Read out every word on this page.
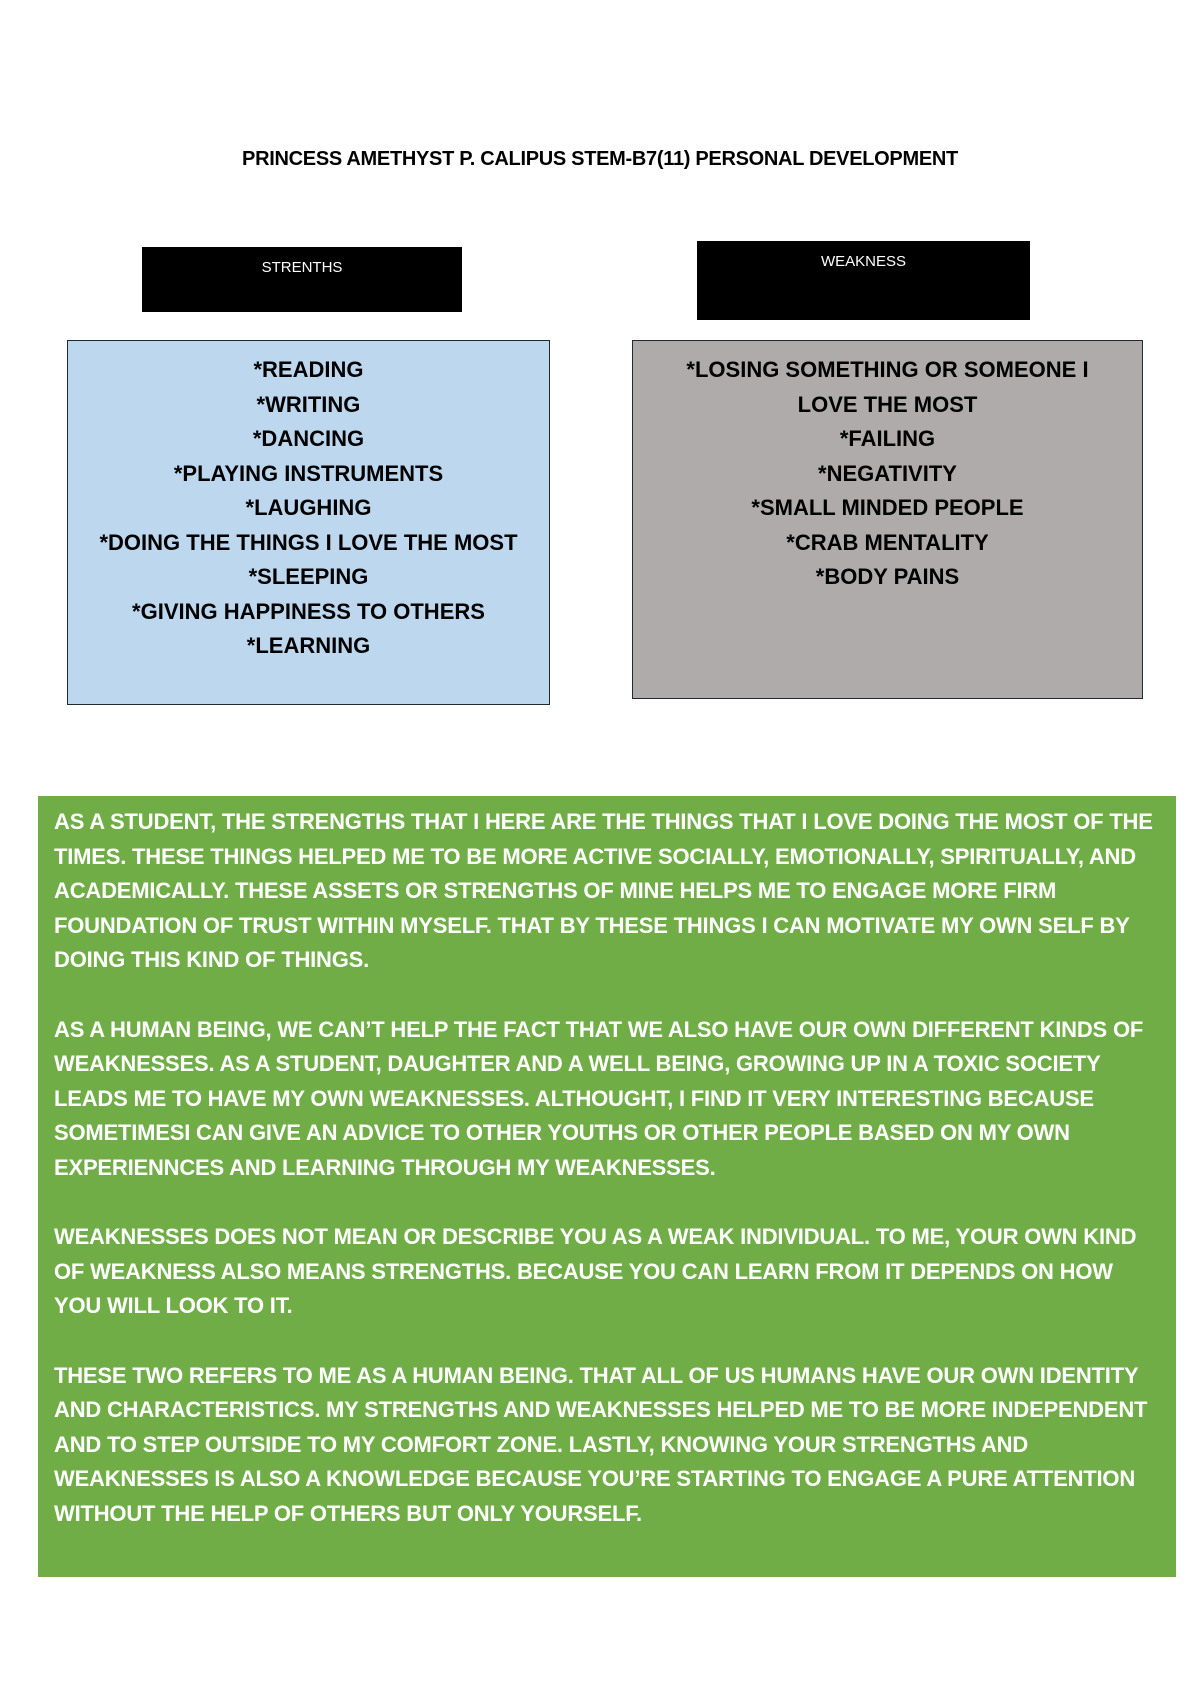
PRINCESS AMETHYST P. CALIPUS STEM-B7(11) PERSONAL DEVELOPMENT
STRENTHS	WEAKNESS
*READING
*WRITING
*DANCING
*PLAYING INSTRUMENTS
*LAUGHING
*DOING THE THINGS I LOVE THE MOST
*SLEEPING
*GIVING HAPPINESS TO OTHERS
*LEARNING
*LOSING SOMETHING OR SOMEONE I LOVE THE MOST
*FAILING
*NEGATIVITY
*SMALL MINDED PEOPLE
*CRAB MENTALITY
*BODY PAINS

AS A STUDENT, THE STRENGTHS THAT I HERE ARE THE THINGS THAT I LOVE DOING THE MOST OF THE TIMES. THESE THINGS HELPED ME TO BE MORE ACTIVE SOCIALLY, EMOTIONALLY, SPIRITUALLY, AND ACADEMICALLY. THESE ASSETS OR STRENGTHS OF MINE HELPS ME TO ENGAGE MORE FIRM FOUNDATION OF TRUST WITHIN MYSELF. THAT BY THESE THINGS I CAN MOTIVATE MY OWN SELF BY DOING THIS KIND OF THINGS.

AS A HUMAN BEING, WE CAN’T HELP THE FACT THAT WE ALSO HAVE OUR OWN DIFFERENT KINDS OF WEAKNESSES. AS A STUDENT, DAUGHTER AND A WELL BEING, GROWING UP IN A TOXIC SOCIETY LEADS ME TO HAVE MY OWN WEAKNESSES. ALTHOUGHT, I FIND IT VERY INTERESTING BECAUSE SOMETIMESI CAN GIVE AN ADVICE TO OTHER YOUTHS OR OTHER PEOPLE BASED ON MY OWN EXPERIENNCES AND LEARNING THROUGH MY WEAKNESSES.

WEAKNESSES DOES NOT MEAN OR DESCRIBE YOU AS A WEAK INDIVIDUAL. TO ME, YOUR OWN KIND OF WEAKNESS ALSO MEANS STRENGTHS. BECAUSE YOU CAN LEARN FROM IT DEPENDS ON HOW YOU WILL LOOK TO IT.

THESE TWO REFERS TO ME AS A HUMAN BEING. THAT ALL OF US HUMANS HAVE OUR OWN IDENTITY AND CHARACTERISTICS. MY STRENGTHS AND WEAKNESSES HELPED ME TO BE MORE INDEPENDENT AND TO STEP OUTSIDE TO MY COMFORT ZONE. LASTLY, KNOWING YOUR STRENGTHS AND WEAKNESSES IS ALSO A KNOWLEDGE BECAUSE YOU’RE STARTING TO ENGAGE A PURE ATTENTION WITHOUT THE HELP OF OTHERS BUT ONLY YOURSELF.
